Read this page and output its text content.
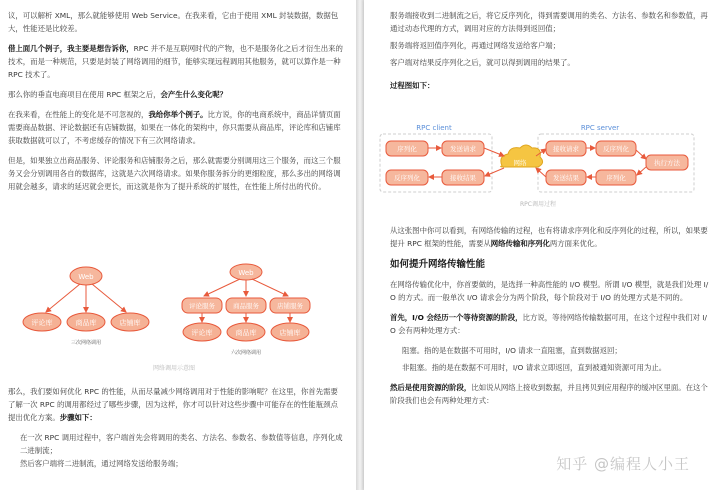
议，可以解析 XML，那么就能够使用 Web Service。在我来看，它由于使用 XML 封装数据，数据包大，性能还是比较差。

借上面几个例子，我主要是想告诉你，RPC 并不是互联网时代的产物，也不是服务化之后才衍生出来的技术，而是一种规范，只要是封装了网络调用的细节，能够实现远程调用其他服务，就可以算作是一种 RPC 技术了。

那么你的垂直电商项目在使用 RPC 框架之后，会产生什么变化呢？

在我来看，在性能上的变化是不可忽视的，我给你举个例子。比方说，你的电商系统中，商品详情页面需要商品数据、评论数据还有店铺数据，如果在一体化的架构中，你只需要从商品库，评论库和店铺库获取数据就可以了，不考虑缓存的情况下有三次网络请求。

但是，如果独立出商品服务、评论服务和店铺服务之后，那么就需要分别调用这三个服务，而这三个服务又会分别调用各自的数据库，这就是六次网络请求。如果你服务拆分的更细粒度，那么多出的网络调用就会越多，请求的延迟就会更长，而这就是你为了提升系统的扩展性，在性能上所付出的代价。

Web
评论库	商品库	店铺库
三次网络调用
Web
评论服务	商品服务	店铺服务
评论库	商品库	店铺库
六次网络调用
网络调用示意图

那么，我们要如何优化 RPC 的性能，从而尽量减少网络调用对于性能的影响呢？在这里，你首先需要了解一次 RPC 的调用都经过了哪些步骤，因为这样，你才可以针对这些步骤中可能存在的性能瓶颈点提出优化方案。步骤如下：

在一次 RPC 调用过程中，客户端首先会将调用的类名、方法名、参数名、参数值等信息，序列化成二进制流；

然后客户端将二进制流，通过网络发送给服务端；

服务端接收到二进制流之后，将它反序列化，得到需要调用的类名、方法名、参数名和参数值，再通过动态代理的方式，调用对应的方法得到返回值；

服务端将返回值序列化，再通过网络发送给客户端；

客户端对结果反序列化之后，就可以得到调用的结果了。

过程图如下：

RPC client	RPC server
序列化	发送请求
反序列化	接收结果
网络
接收请求	反序列化
执行方法
发送结果	序列化
RPC调用过程

从这张图中你可以看到，有网络传输的过程，也有将请求序列化和反序列化的过程，所以，如果要提升 RPC 框架的性能，需要从网络传输和序列化两方面来优化。

如何提升网络传输性能

在网络传输优化中，你首要做的，是选择一种高性能的 I/O 模型。所谓 I/O 模型，就是我们处理 I/O 的方式。而一般单次 I/O 请求会分为两个阶段，每个阶段对于 I/O 的处理方式是不同的。

首先，I/O 会经历一个等待资源的阶段，比方说，等待网络传输数据可用，在这个过程中我们对 I/O 会有两种处理方式：

阻塞。指的是在数据不可用时，I/O 请求一直阻塞，直到数据返回；

非阻塞。指的是在数据不可用时，I/O 请求立即返回，直到被通知资源可用为止。

然后是使用资源的阶段，比如说从网络上接收到数据，并且拷贝到应用程序的缓冲区里面。在这个阶段我们也会有两种处理方式：

知乎 @编程人小王
